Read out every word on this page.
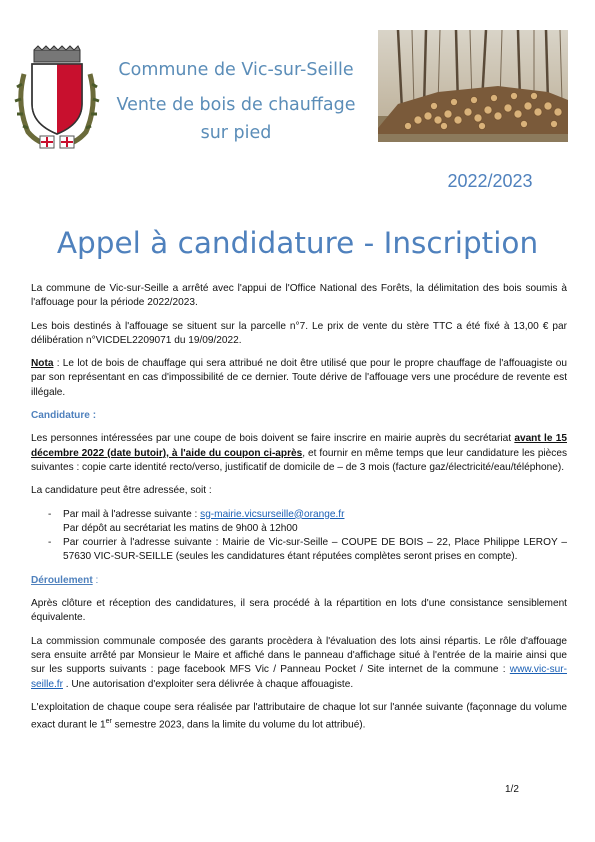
Commune de Vic-sur-Seille
Vente de bois de chauffage
sur pied
2022/2023
Appel à candidature - Inscription

La commune de Vic-sur-Seille a arrêté avec l'appui de l'Office National des Forêts, la délimitation des bois soumis à l'affouage pour la période 2022/2023.

Les bois destinés à l'affouage se situent sur la parcelle n°7. Le prix de vente du stère TTC a été fixé à 13,00 € par délibération n°VICDEL2209071 du 19/09/2022.

Nota : Le lot de bois de chauffage qui sera attribué ne doit être utilisé que pour le propre chauffage de l'affouagiste ou par son représentant en cas d'impossibilité de ce dernier. Toute dérive de l'affouage vers une procédure de revente est illégale.

Candidature :

Les personnes intéressées par une coupe de bois doivent se faire inscrire en mairie auprès du secrétariat avant le 15 décembre 2022 (date butoir), à l'aide du coupon ci-après, et fournir en même temps que leur candidature les pièces suivantes : copie carte identité recto/verso, justificatif de domicile de – de 3 mois (facture gaz/électricité/eau/téléphone).

La candidature peut être adressée, soit :

- Par mail à l'adresse suivante : sg-mairie.vicsurseille@orange.fr
Par dépôt au secrétariat les matins de 9h00 à 12h00
- Par courrier à l'adresse suivante : Mairie de Vic-sur-Seille – COUPE DE BOIS – 22, Place Philippe LEROY – 57630 VIC-SUR-SEILLE (seules les candidatures étant réputées complètes seront prises en compte).

Déroulement :

Après clôture et réception des candidatures, il sera procédé à la répartition en lots d'une consistance sensiblement équivalente.

La commission communale composée des garants procèdera à l'évaluation des lots ainsi répartis. Le rôle d'affouage sera ensuite arrêté par Monsieur le Maire et affiché dans le panneau d'affichage situé à l'entrée de la mairie ainsi que sur les supports suivants : page facebook MFS Vic / Panneau Pocket / Site internet de la commune : www.vic-sur-seille.fr . Une autorisation d'exploiter sera délivrée à chaque affouagiste.

L'exploitation de chaque coupe sera réalisée par l'attributaire de chaque lot sur l'année suivante (façonnage du volume exact durant le 1er semestre 2023, dans la limite du volume du lot attribué).

1/2
